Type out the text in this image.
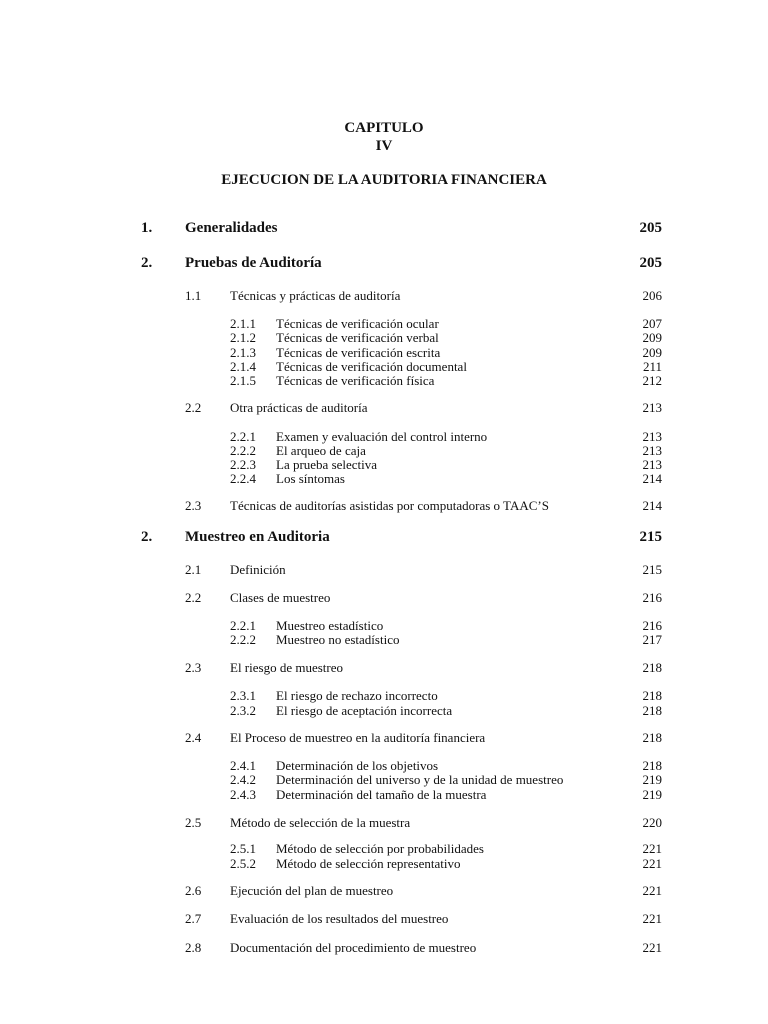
CAPITULO
IV
EJECUCION DE LA AUDITORIA FINANCIERA
1. Generalidades	205
2. Pruebas de Auditoría	205
1.1 Técnicas y prácticas de auditoría	206
2.1.1 Técnicas de verificación ocular	207
2.1.2 Técnicas de verificación verbal	209
2.1.3 Técnicas de verificación escrita	209
2.1.4 Técnicas de verificación documental	211
2.1.5 Técnicas de verificación física	212
2.2 Otra prácticas de auditoría	213
2.2.1 Examen y evaluación del control interno	213
2.2.2 El arqueo de caja	213
2.2.3 La prueba selectiva	213
2.2.4 Los síntomas	214
2.3 Técnicas de auditorías asistidas por computadoras o TAAC’S	214
2. Muestreo en Auditoria	215
2.1 Definición	215
2.2 Clases de muestreo	216
2.2.1 Muestreo estadístico	216
2.2.2 Muestreo no estadístico	217
2.3 El riesgo de muestreo	218
2.3.1 El riesgo de rechazo incorrecto	218
2.3.2 El riesgo de aceptación incorrecta	218
2.4 El Proceso de muestreo en la auditoría financiera	218
2.4.1 Determinación de los objetivos	218
2.4.2 Determinación del universo y de la unidad de muestreo	219
2.4.3 Determinación del tamaño de la muestra	219
2.5 Método de selección de la muestra	220
2.5.1 Método de selección por probabilidades	221
2.5.2 Método de selección representativo	221
2.6 Ejecución del plan de muestreo	221
2.7 Evaluación de los resultados del muestreo	221
2.8 Documentación del procedimiento de muestreo	221
